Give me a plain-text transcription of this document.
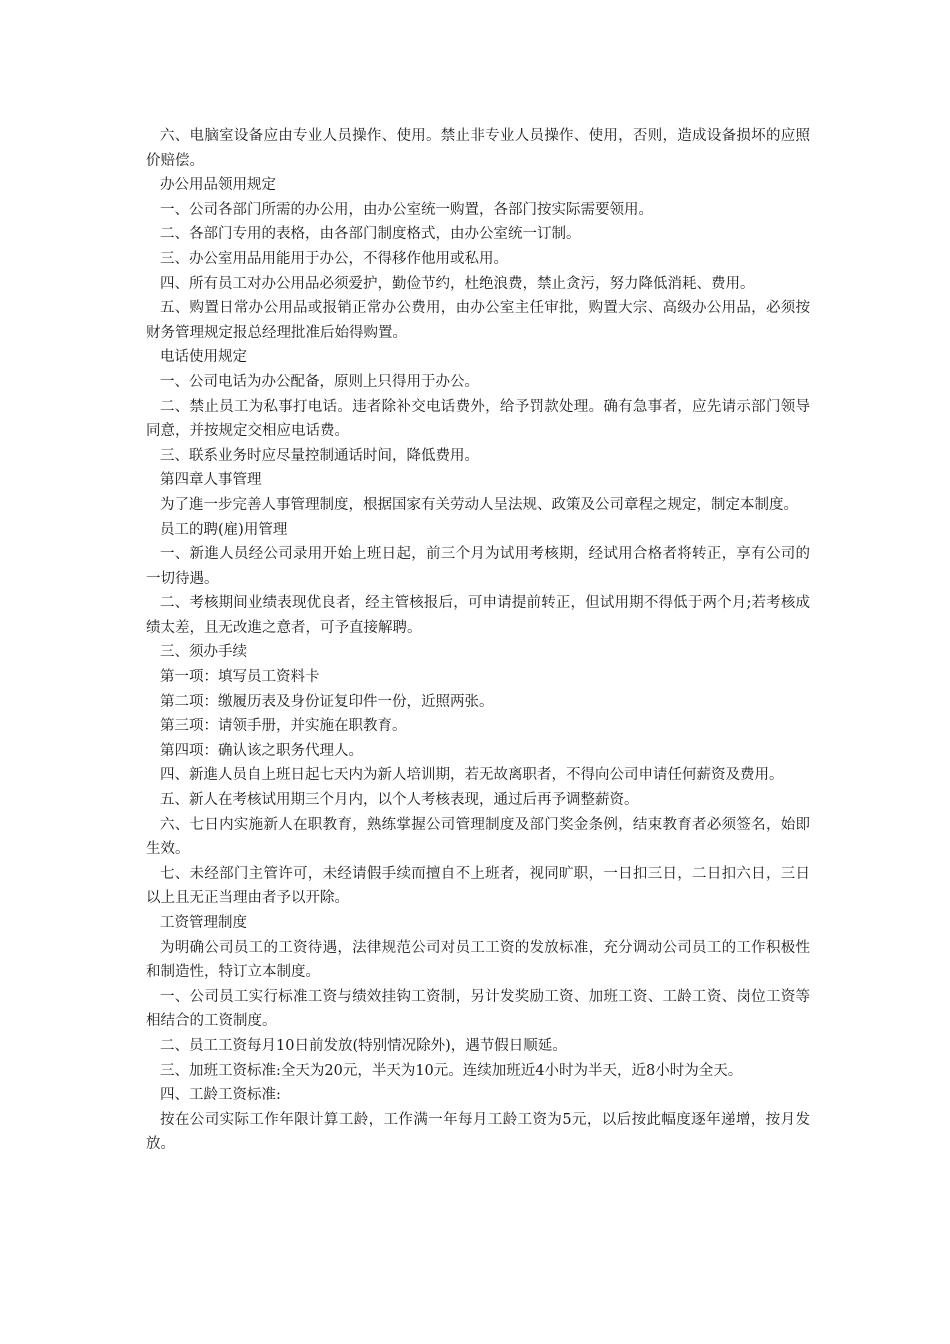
六、电脑室设备应由专业人员操作、使用。禁止非专业人员操作、使用，否则，造成设备损坏的应照价赔偿。

办公用品领用规定

一、公司各部门所需的办公用，由办公室统一购置，各部门按实际需要领用。

二、各部门专用的表格，由各部门制度格式，由办公室统一订制。

三、办公室用品用能用于办公，不得移作他用或私用。

四、所有员工对办公用品必须爱护，勤俭节约，杜绝浪费，禁止贪污，努力降低消耗、费用。

五、购置日常办公用品或报销正常办公费用，由办公室主任审批，购置大宗、高级办公用品，必须按财务管理规定报总经理批准后始得购置。

电话使用规定

一、公司电话为办公配备，原则上只得用于办公。

二、禁止员工为私事打电话。违者除补交电话费外，给予罚款处理。确有急事者，应先请示部门领导同意，并按规定交相应电话费。

三、联系业务时应尽量控制通话时间，降低费用。

第四章人事管理

为了進一步完善人事管理制度，根据国家有关劳动人呈法规、政策及公司章程之规定，制定本制度。

员工的聘(雇)用管理

一、新進人员经公司录用开始上班日起，前三个月为试用考核期，经试用合格者将转正，享有公司的一切待遇。

二、考核期间业绩表现优良者，经主管核报后，可申请提前转正，但试用期不得低于两个月;若考核成绩太差，且无改進之意者，可予直接解聘。

三、须办手续

第一项：填写员工资料卡

第二项：缴履历表及身份证复印件一份，近照两张。

第三项：请领手册，并实施在职教育。

第四项：确认该之职务代理人。

四、新進人员自上班日起七天内为新人培训期，若无故离职者，不得向公司申请任何薪资及费用。

五、新人在考核试用期三个月内，以个人考核表现，通过后再予调整薪资。

六、七日内实施新人在职教育，熟练掌握公司管理制度及部门奖金条例，结束教育者必须签名，始即生效。

七、未经部门主管许可，未经请假手续而擅自不上班者，视同旷职，一日扣三日，二日扣六日，三日以上且无正当理由者予以开除。

工资管理制度

为明确公司员工的工资待遇，法律规范公司对员工工资的发放标准，充分调动公司员工的工作积极性和制造性，特订立本制度。

一、公司员工实行标准工资与绩效挂钩工资制，另计发奖励工资、加班工资、工龄工资、岗位工资等相结合的工资制度。

二、员工工资每月10日前发放(特别情况除外)，遇节假日顺延。

三、加班工资标准:全天为20元，半天为10元。连续加班近4小时为半天，近8小时为全天。

四、工龄工资标准:

按在公司实际工作年限计算工龄，工作满一年每月工龄工资为5元，以后按此幅度逐年递增，按月发放。
